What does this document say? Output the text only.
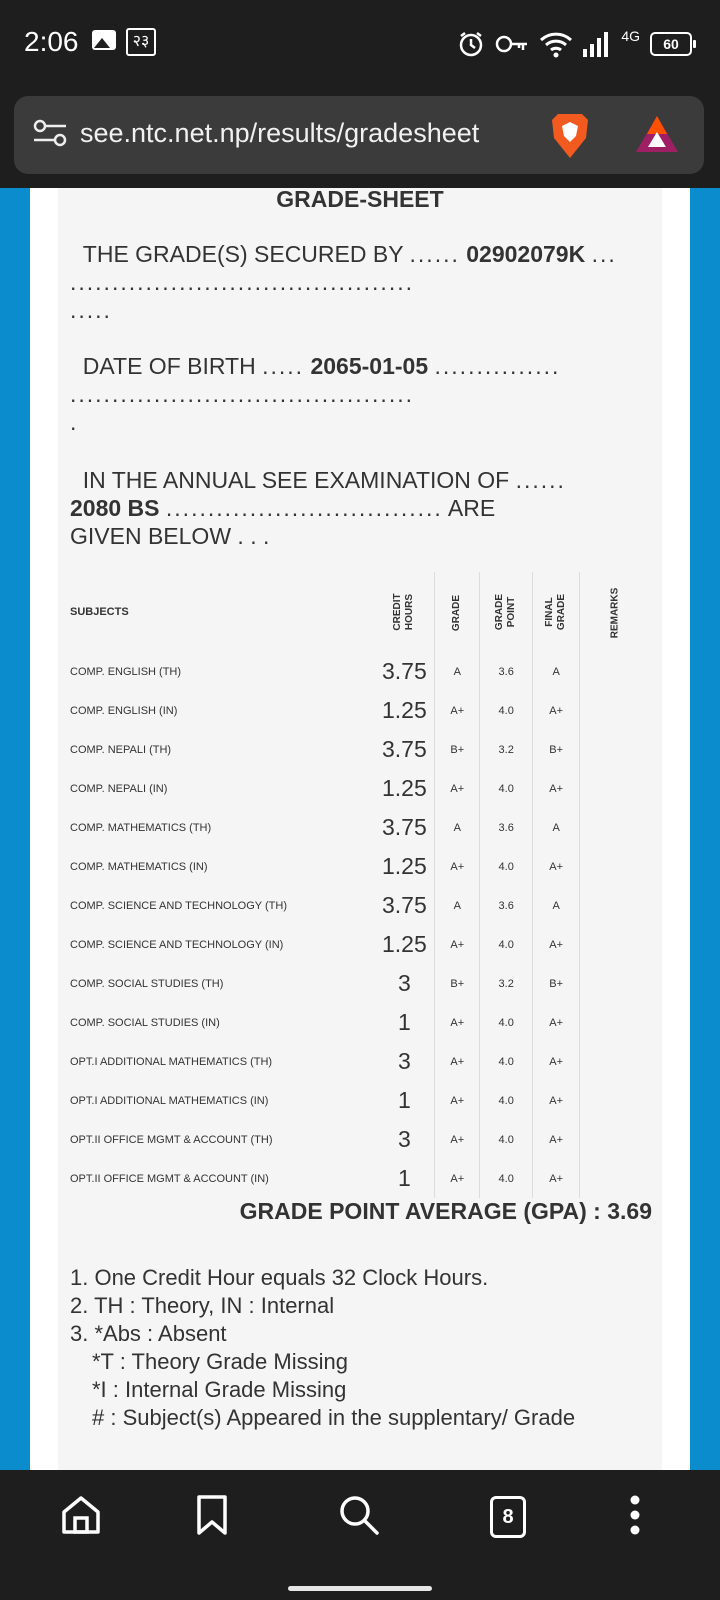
2:06	२३	4G	60
see.ntc.net.np/results/gradesheet
GRADE-SHEET
THE GRADE(S) SECURED BY ...... 02902079K ...
.........................................
.....
DATE OF BIRTH ..... 2065-01-05 ...............
.........................................
.
IN THE ANNUAL SEE EXAMINATION OF ......
2080 BS ................................. ARE
GIVEN BELOW . . .
SUBJECTS	CREDIT HOURS	GRADE	GRADE POINT	FINAL GRADE	REMARKS
COMP. ENGLISH (TH)	3.75	A	3.6	A	
COMP. ENGLISH (IN)	1.25	A+	4.0	A+	
COMP. NEPALI (TH)	3.75	B+	3.2	B+	
COMP. NEPALI (IN)	1.25	A+	4.0	A+	
COMP. MATHEMATICS (TH)	3.75	A	3.6	A	
COMP. MATHEMATICS (IN)	1.25	A+	4.0	A+	
COMP. SCIENCE AND TECHNOLOGY (TH)	3.75	A	3.6	A	
COMP. SCIENCE AND TECHNOLOGY (IN)	1.25	A+	4.0	A+	
COMP. SOCIAL STUDIES (TH)	3	B+	3.2	B+	
COMP. SOCIAL STUDIES (IN)	1	A+	4.0	A+	
OPT.I ADDITIONAL MATHEMATICS (TH)	3	A+	4.0	A+	
OPT.I ADDITIONAL MATHEMATICS (IN)	1	A+	4.0	A+	
OPT.II OFFICE MGMT & ACCOUNT (TH)	3	A+	4.0	A+	
OPT.II OFFICE MGMT & ACCOUNT (IN)	1	A+	4.0	A+	
GRADE POINT AVERAGE (GPA) : 3.69
1. One Credit Hour equals 32 Clock Hours.
2. TH : Theory, IN : Internal
3. *Abs : Absent
*T : Theory Grade Missing
*I : Internal Grade Missing
# : Subject(s) Appeared in the supplentary/ Grade
8
